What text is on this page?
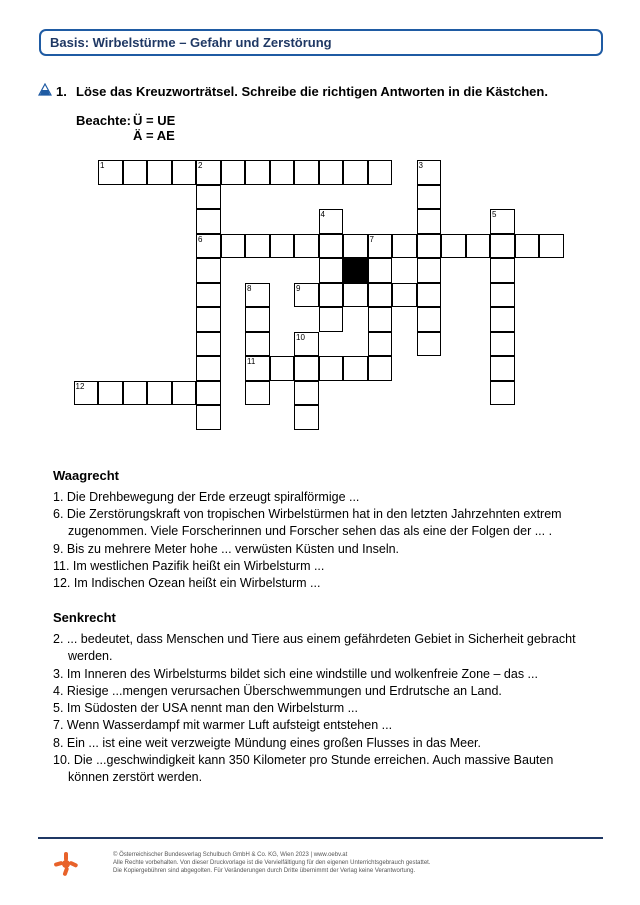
Basis: Wirbelstürme – Gefahr und Zerstörung
1. Löse das Kreuzworträtsel. Schreibe die richtigen Antworten in die Kästchen.
Beachte: Ü = UE
Ä = AE
1	2
6
3
4	5
7
8
11
9
10
12
Waagrecht
1. Die Drehbewegung der Erde erzeugt spiralförmige ...
6. Die Zerstörungskraft von tropischen Wirbelstürmen hat in den letzten Jahrzehnten extrem
zugenommen. Viele Forscherinnen und Forscher sehen das als eine der Folgen der ... .
9. Bis zu mehrere Meter hohe ... verwüsten Küsten und Inseln.
11. Im westlichen Pazifik heißt ein Wirbelsturm ...
12. Im Indischen Ozean heißt ein Wirbelsturm ...
Senkrecht
2. ... bedeutet, dass Menschen und Tiere aus einem gefährdeten Gebiet in Sicherheit gebracht
werden.
3. Im Inneren des Wirbelsturms bildet sich eine windstille und wolkenfreie Zone – das ...
4. Riesige ...mengen verursachen Überschwemmungen und Erdrutsche an Land.
5. Im Südosten der USA nennt man den Wirbelsturm ...
7. Wenn Wasserdampf mit warmer Luft aufsteigt entstehen ...
8. Ein ... ist eine weit verzweigte Mündung eines großen Flusses in das Meer.
10. Die ...geschwindigkeit kann 350 Kilometer pro Stunde erreichen. Auch massive Bauten
können zerstört werden.
© Österreichischer Bundesverlag Schulbuch GmbH & Co. KG, Wien 2023 | www.oebv.at
Alle Rechte vorbehalten. Von dieser Druckvorlage ist die Vervielfältigung für den eigenen Unterrichtsgebrauch gestattet.
Die Kopiergebühren sind abgegolten. Für Veränderungen durch Dritte übernimmt der Verlag keine Verantwortung.
